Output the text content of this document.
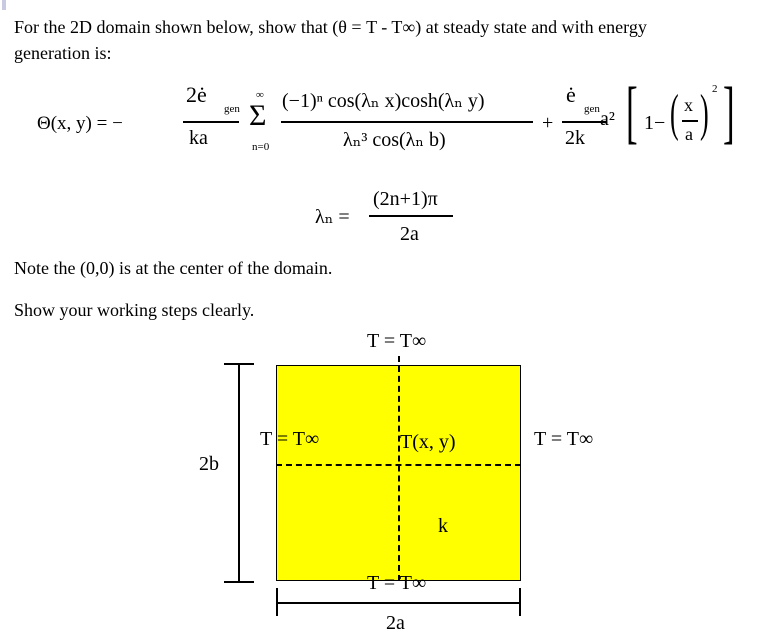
For the 2D domain shown below, show that (θ = T - T∞) at steady state and with energy
generation is:
Θ(x, y) = −
2ė
gen
ka
∞
Σ
n=0
(−1)ⁿ cos(λₙ x)cosh(λₙ y)
λₙ³ cos(λₙ b)
+
ė
gen
2k
a² [ 1− ( x
a ) 2 ]
λₙ =
(2n+1)π
2a
Note the (0,0) is at the center of the domain.
Show your working steps clearly.
T = T∞
T = T∞	T(x, y)	T = T∞
k
T = T∞
2b
2a
